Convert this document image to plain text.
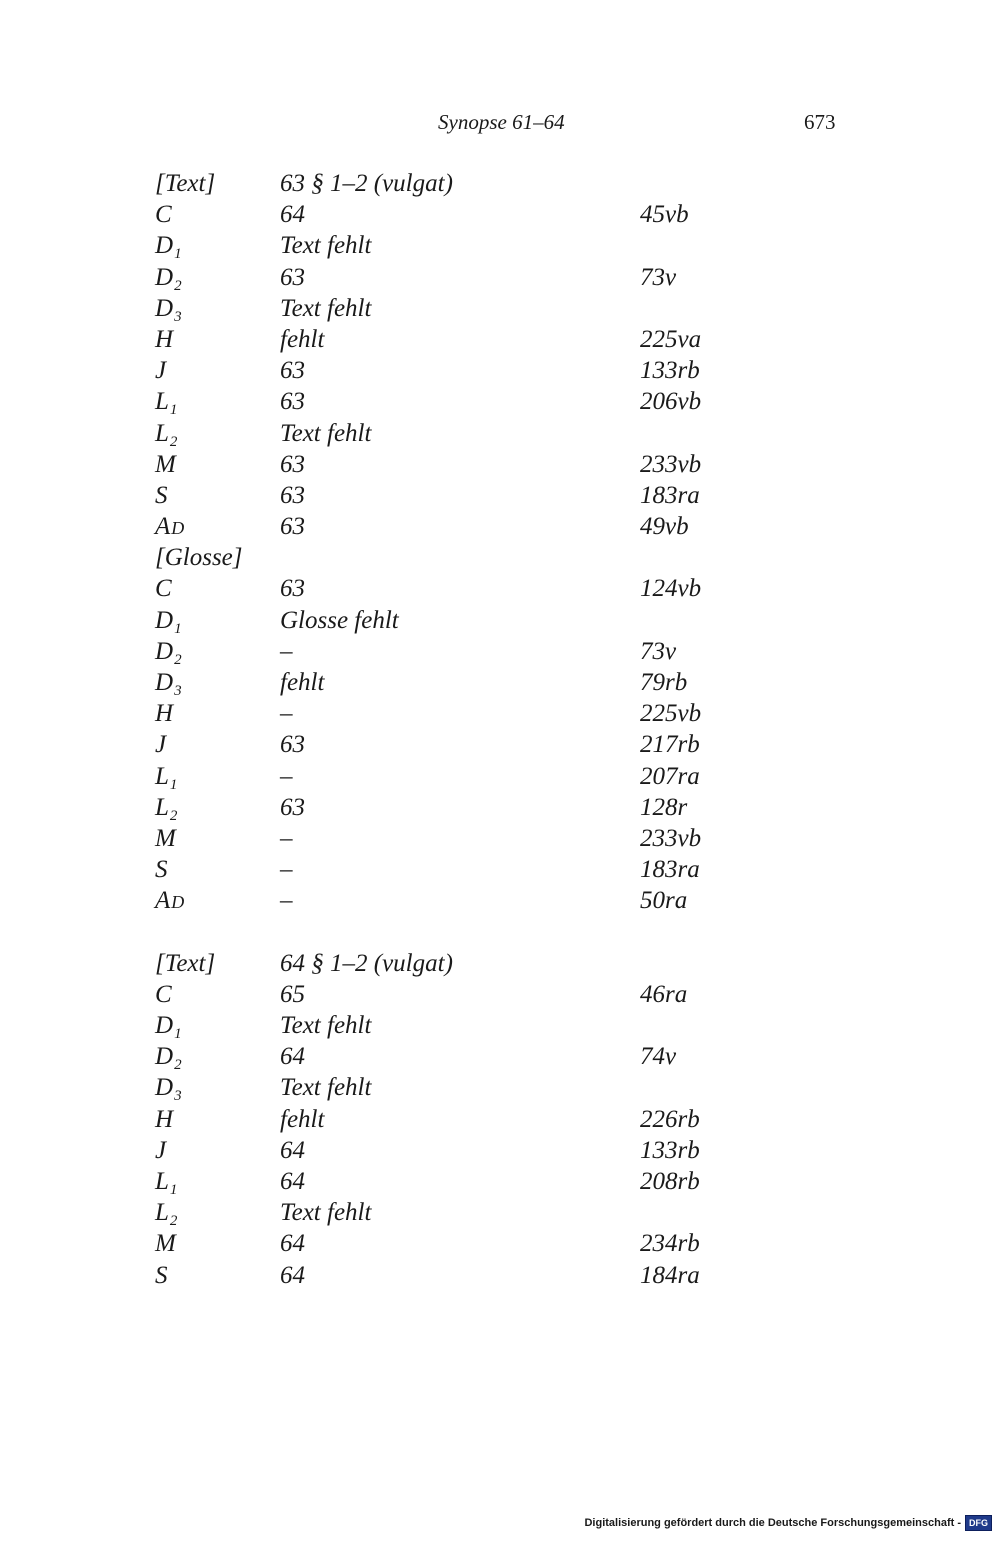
Synopse 61–64	673
[Text]	63 § 1–2 (vulgat)
C	64	45vb
$D_1$	Text fehlt
$D_2$	63	73v
$D_3$	Text fehlt
H	fehlt	225va
J	63	133rb
$L_1$	63	206vb
$L_2$	Text fehlt
M	63	233vb
S	63	183ra
AD	63	49vb
[Glosse]
C	63	124vb
$D_1$	Glosse fehlt
$D_2$	–	73v
$D_3$	fehlt	79rb
H	–	225vb
J	63	217rb
$L_1$	–	207ra
$L_2$	63	128r
M	–	233vb
S	–	183ra
AD	–	50ra
[Text]	64 § 1–2 (vulgat)
C	65	46ra
$D_1$	Text fehlt
$D_2$	64	74v
$D_3$	Text fehlt
H	fehlt	226rb
J	64	133rb
$L_1$	64	208rb
$L_2$	Text fehlt
M	64	234rb
S	64	184ra
Digitalisierung gefördert durch die Deutsche Forschungsgemeinschaft - DFG
